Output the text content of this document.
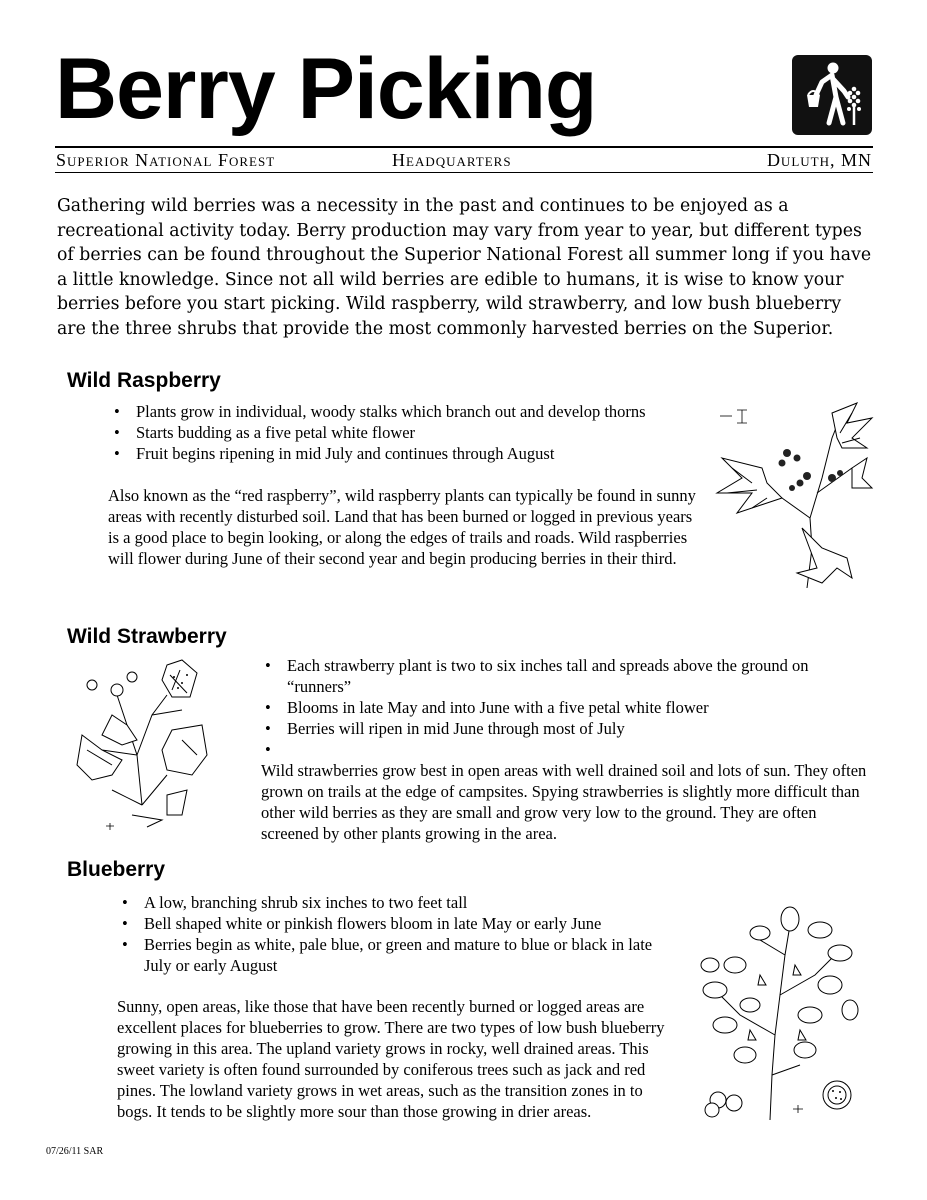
Berry Picking
Superior National Forest	Headquarters	Duluth, MN

Gathering wild berries was a necessity in the past and continues to be enjoyed as a recreational activity today. Berry production may vary from year to year, but different types of berries can be found throughout the Superior National Forest all summer long if you have a little knowledge. Since not all wild berries are edible to humans, it is wise to know your berries before you start picking. Wild raspberry, wild strawberry, and low bush blueberry are the three shrubs that provide the most commonly harvested berries on the Superior.

Wild Raspberry
• Plants grow in individual, woody stalks which branch out and develop thorns
• Starts budding as a five petal white flower
• Fruit begins ripening in mid July and continues through August

Also known as the “red raspberry”, wild raspberry plants can typically be found in sunny areas with recently disturbed soil. Land that has been burned or logged in previous years is a good place to begin looking, or along the edges of trails and roads. Wild raspberries will flower during June of their second year and begin producing berries in their third.

Wild Strawberry
• Each strawberry plant is two to six inches tall and spreads above the ground on “runners”
• Blooms in late May and into June with a five petal white flower
• Berries will ripen in mid June through most of July
•

Wild strawberries grow best in open areas with well drained soil and lots of sun. They often grown on trails at the edge of campsites. Spying strawberries is slightly more difficult than other wild berries as they are small and grow very low to the ground. They are often screened by other plants growing in the area.

Blueberry
• A low, branching shrub six inches to two feet tall
• Bell shaped white or pinkish flowers bloom in late May or early June
• Berries begin as white, pale blue, or green and mature to blue or black in late July or early August

Sunny, open areas, like those that have been recently burned or logged areas are excellent places for blueberries to grow. There are two types of low bush blueberry growing in this area. The upland variety grows in rocky, well drained areas. This sweet variety is often found surrounded by coniferous trees such as jack and red pines. The lowland variety grows in wet areas, such as the transition zones in to bogs. It tends to be slightly more sour than those growing in drier areas.

07/26/11 SAR
